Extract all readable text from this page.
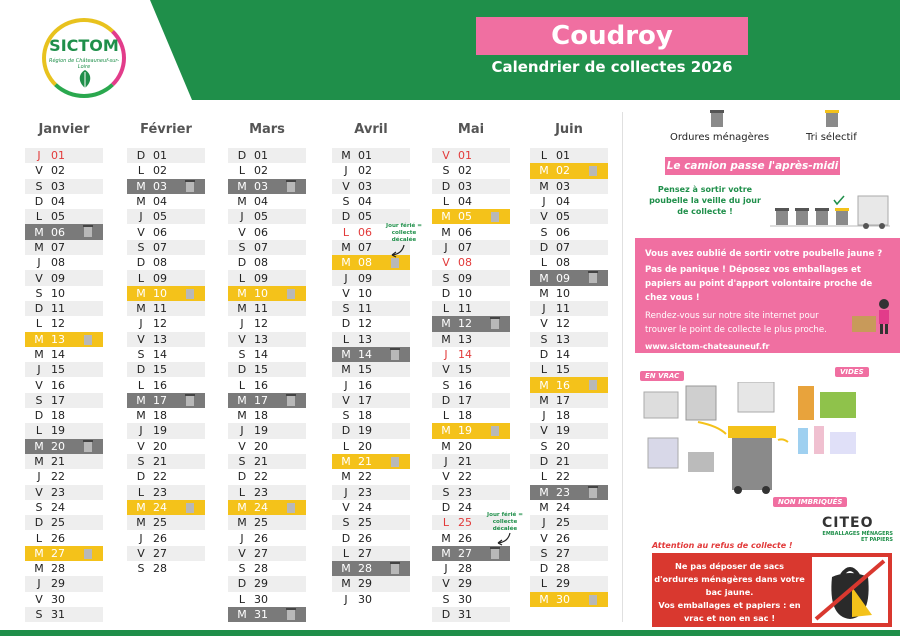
SICTOM
Région de Châteauneuf-sur-Loire
Coudroy
Calendrier de collectes 2026
Janvier
J 01
V 02
S 03
D 04
L 05
M 06
M 07
J 08
V 09
S 10
D 11
L 12
M 13
M 14
J 15
V 16
S 17
D 18
L 19
M 20
M 21
J 22
V 23
S 24
D 25
L 26
M 27
M 28
J 29
V 30
S 31
Février
D 01
L 02
M 03
M 04
J 05
V 06
S 07
D 08
L 09
M 10
M 11
J 12
V 13
S 14
D 15
L 16
M 17
M 18
J 19
V 20
S 21
D 22
L 23
M 24
M 25
J 26
V 27
S 28
Mars
D 01
L 02
M 03
M 04
J 05
V 06
S 07
D 08
L 09
M 10
M 11
J 12
V 13
S 14
D 15
L 16
M 17
M 18
J 19
V 20
S 21
D 22
L 23
M 24
M 25
J 26
V 27
S 28
D 29
L 30
M 31
Avril
M 01
J 02
V 03
S 04
D 05
L 06
M 07
M 08
J 09
V 10
S 11
D 12
L 13
M 14
M 15
J 16
V 17
S 18
D 19
L 20
M 21
M 22
J 23
V 24
S 25
D 26
L 27
M 28
M 29
J 30
Mai
V 01
S 02
D 03
L 04
M 05
M 06
J 07
V 08
S 09
D 10
L 11
M 12
M 13
J 14
V 15
S 16
D 17
L 18
M 19
M 20
J 21
V 22
S 23
D 24
L 25
M 26
M 27
J 28
V 29
S 30
D 31
Juin
L 01
M 02
M 03
J 04
V 05
S 06
D 07
L 08
M 09
M 10
J 11
V 12
S 13
D 14
L 15
M 16
M 17
J 18
V 19
S 20
D 21
L 22
M 23
M 24
J 25
V 26
S 27
D 28
L 29
M 30
Jour férié = collecte décalée
Jour férié = collecte décalée
Ordures ménagères	Tri sélectif
Le camion passe l'après-midi !
Pensez à sortir votre poubelle la veille du jour de collecte !
Vous avez oublié de sortir votre poubelle jaune ?
Pas de panique ! Déposez vos emballages et papiers au point d'apport volontaire proche de chez vous !
Rendez-vous sur notre site internet pour trouver le point de collecte le plus proche.
www.sictom-chateauneuf.fr
EN VRAC	VIDES
NON IMBRIQUÉS
CITEO
EMBALLAGES MÉNAGERS ET PAPIERS
Attention au refus de collecte !
Ne pas déposer de sacs d'ordures ménagères dans votre bac jaune.
Vos emballages et papiers : en vrac et non en sac !
